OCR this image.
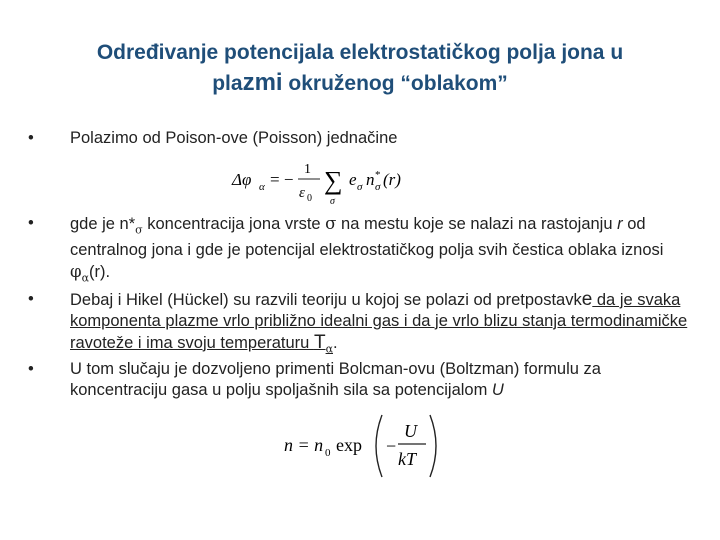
Određivanje potencijala elektrostatičkog polja jona u
plazmi okruženog “oblakom”
• Polazimo od Poison-ove (Poisson) jednačine
Δφ α = −
1
ε 0
∑
σ
e σ n *
σ (r)
• gde je $n*_\sigma$ koncentracija jona vrste σ na mestu koje se nalazi na rastojanju r od centralnog jona i gde je potencijal elektrostatičkog polja svih čestica oblaka iznosi $\varphi_\alpha(r)$.
• Debaj i Hikel (Hückel) su razvili teoriju u kojoj se polazi od pretpostavke da je svaka komponenta plazme vrlo približno idealni gas i da je vrlo blizu stanja termodinamičke ravoteže i ima svoju temperaturu $T_\alpha$.
• U tom slučaju je dozvoljeno primenti Bolcman-ovu (Boltzman) formulu za koncentraciju gasa u polju spoljašnih sila sa potencijalom U
n = n 0 exp −
U
kT
